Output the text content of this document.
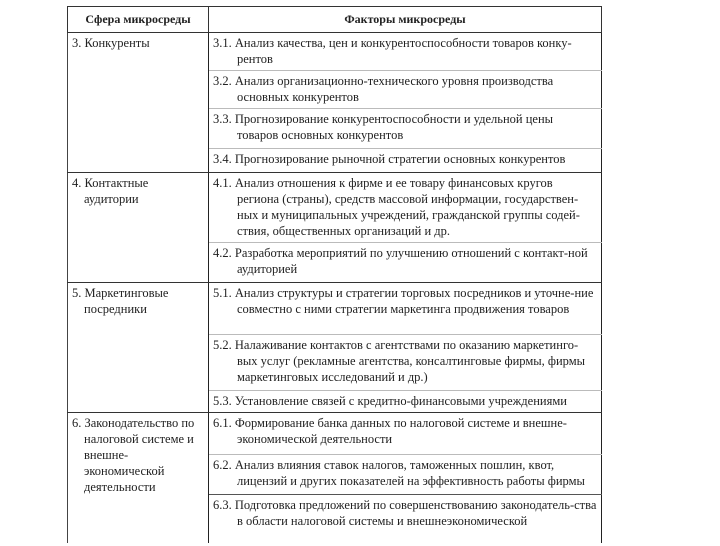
Сфера микросреды	Факторы микросреды

3. Конкуренты	3.1. Анализ качества, цен и конкурентоспособности товаров конку-рентов

	3.2. Анализ организационно-технического уровня производства основных конкурентов

	3.3. Прогнозирование конкурентоспособности и удельной цены товаров основных конкурентов

	3.4. Прогнозирование рыночной стратегии основных конкурентов

4. Контактные аудитории	4.1. Анализ отношения к фирме и ее товару финансовых кругов региона (страны), средств массовой информации, государствен-ных и муниципальных учреждений, гражданской группы содей-ствия, общественных организаций и др.

	4.2. Разработка мероприятий по улучшению отношений с контакт-ной аудиторией

5. Маркетинговые посредники	5.1. Анализ структуры и стратегии торговых посредников и уточне-ние совместно с ними стратегии маркетинга продвижения товаров

	5.2. Налаживание контактов с агентствами по оказанию маркетинго-вых услуг (рекламные агентства, консалтинговые фирмы, фирмы маркетинговых исследований и др.)

	5.3. Установление связей с кредитно-финансовыми учреждениями

6. Законодательство по налоговой системе и внешне-экономической деятельности	6.1. Формирование банка данных по налоговой системе и внешне-экономической деятельности

	6.2. Анализ влияния ставок налогов, таможенных пошлин, квот, лицензий и других показателей на эффективность работы фирмы

	6.3. Подготовка предложений по совершенствованию законодатель-ства в области налоговой системы и внешнеэкономической
